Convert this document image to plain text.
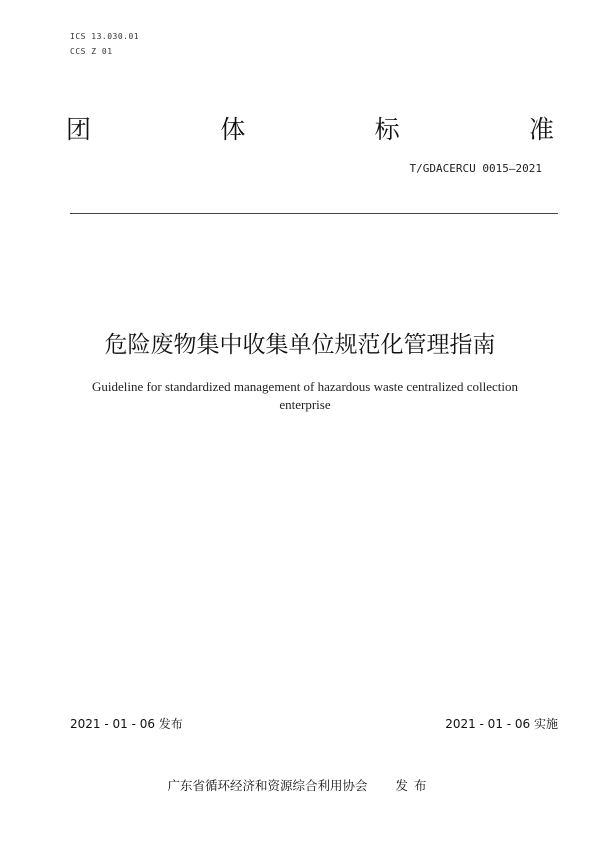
ICS 13.030.01
CCS Z 01
团	体	标	准
T/GDACERCU 0015—2021
危险废物集中收集单位规范化管理指南
Guideline for standardized management of hazardous waste centralized collection
enterprise
2021 - 01 - 06 发布	2021 - 01 - 06 实施
广东省循环经济和资源综合利用协会 发布
